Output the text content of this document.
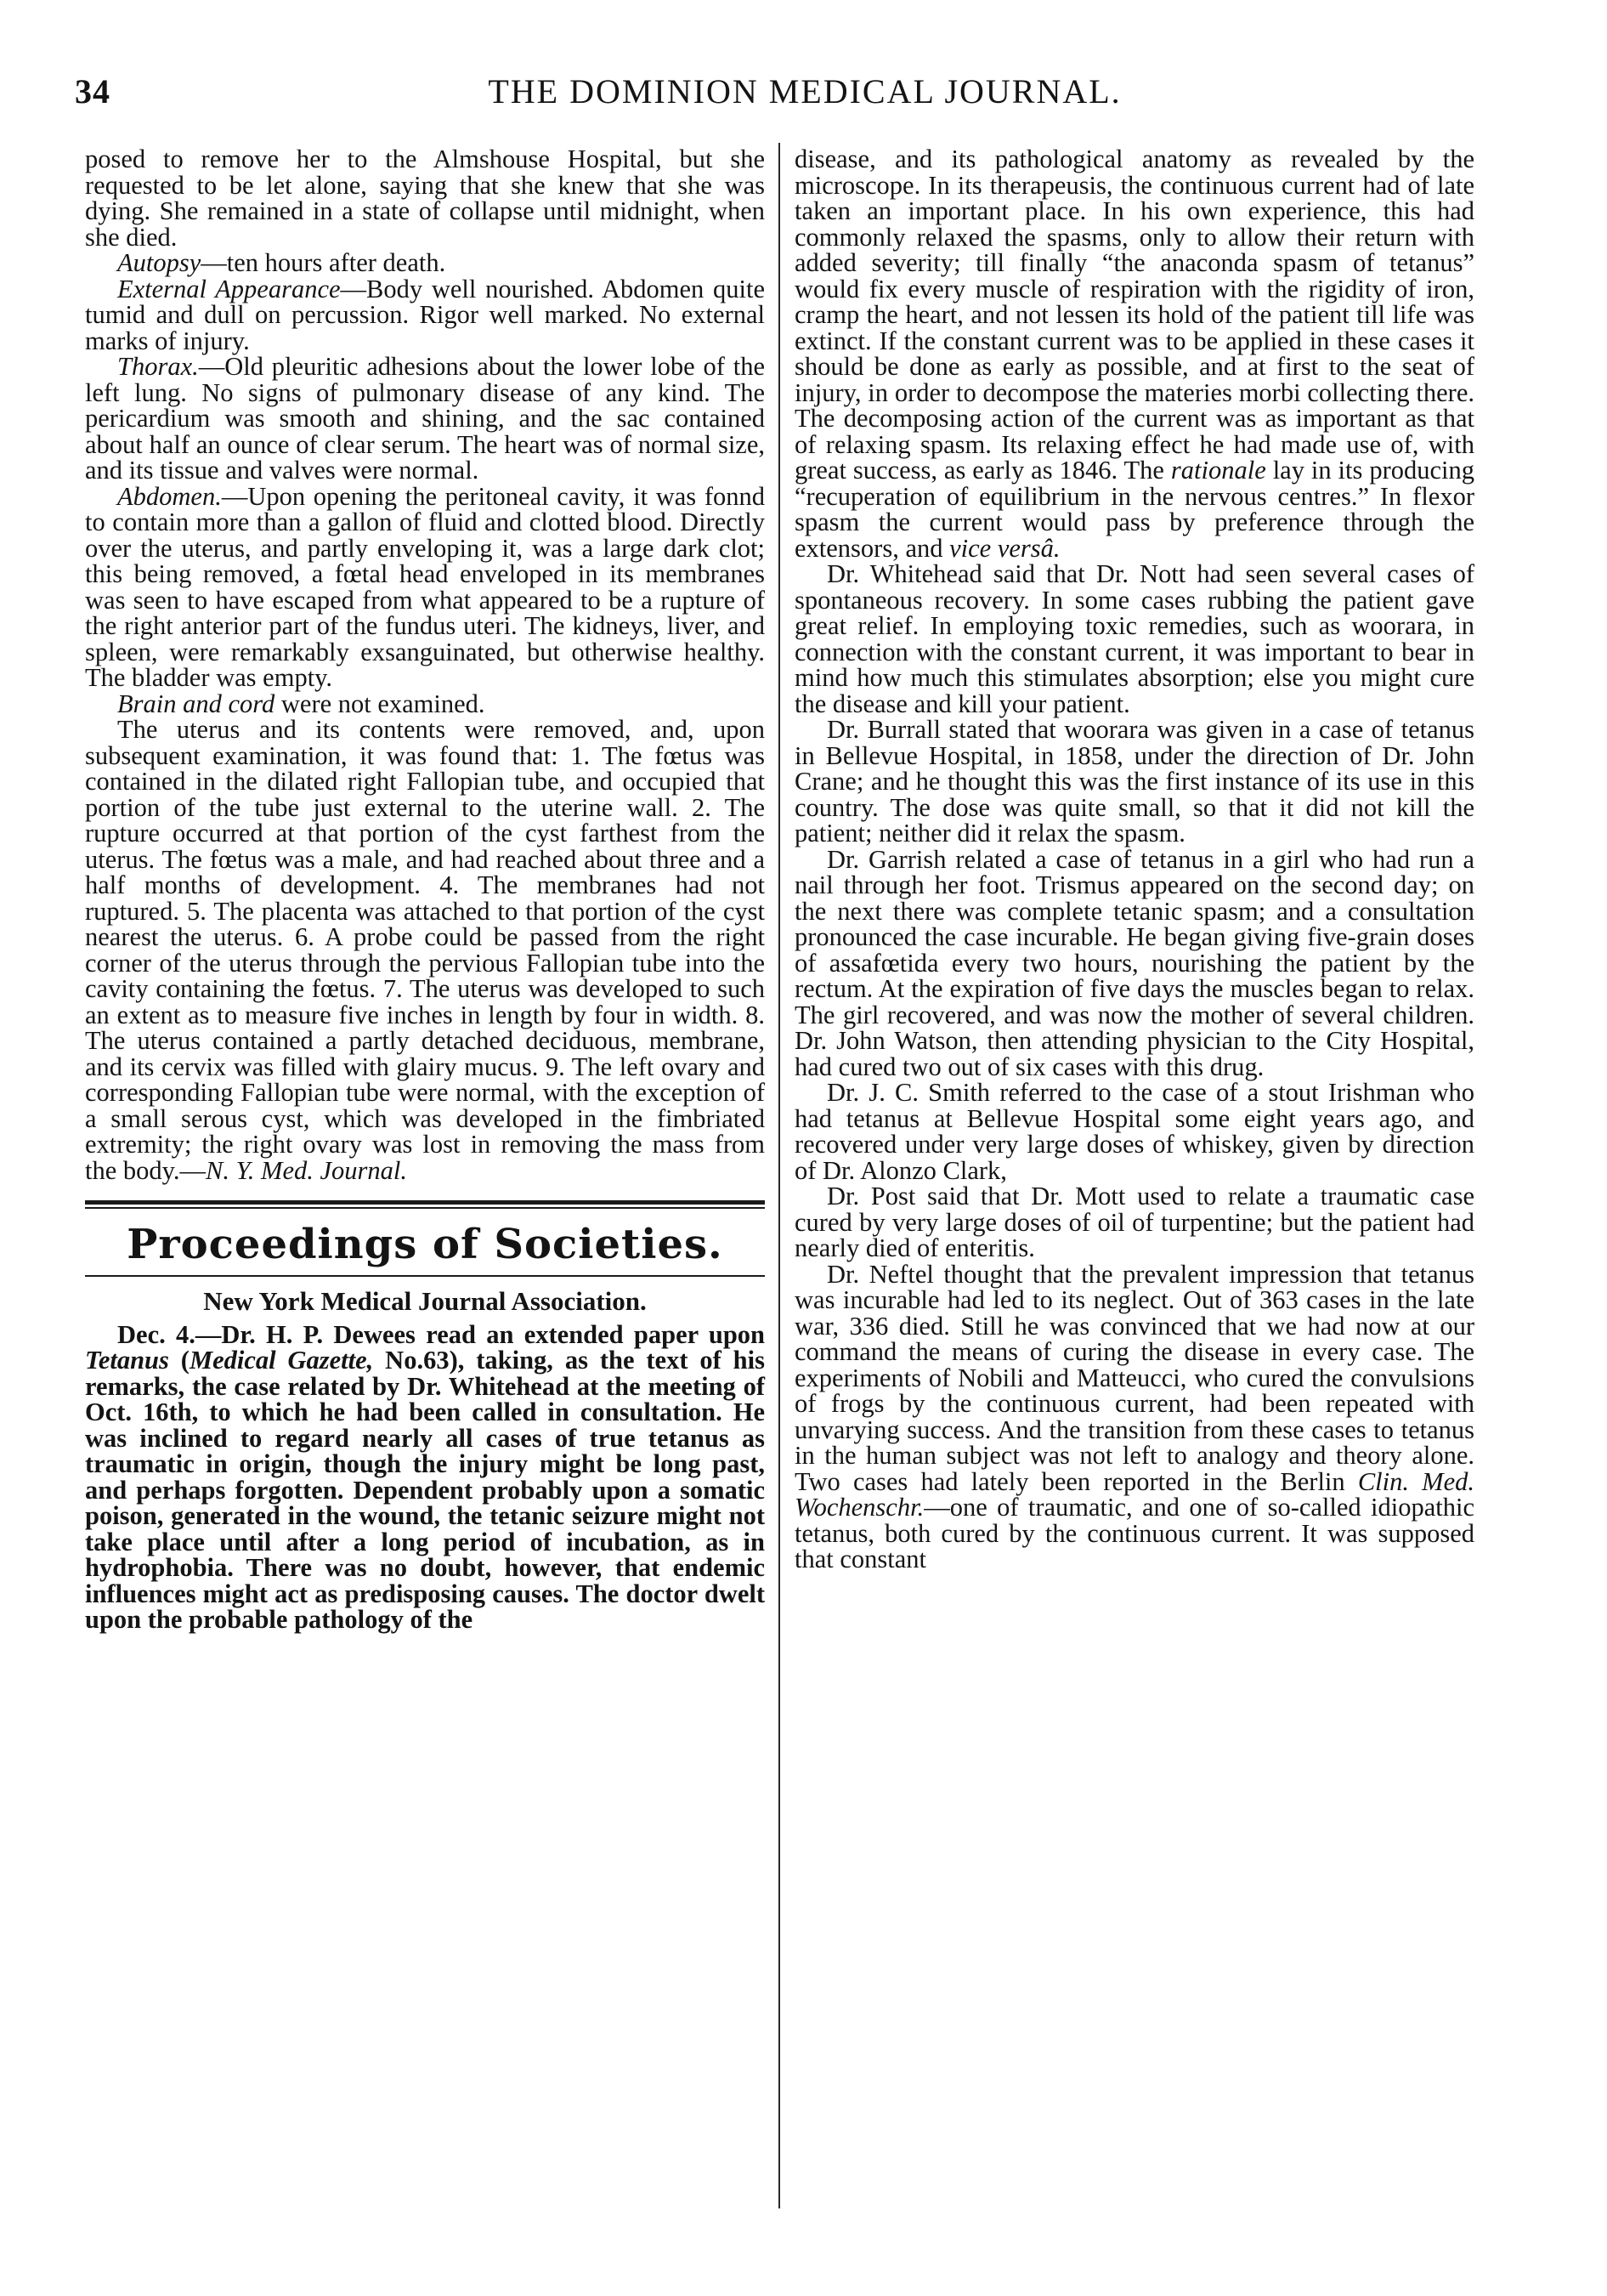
34	THE DOMINION MEDICAL JOURNAL.

posed to remove her to the Almshouse Hospital, but she requested to be let alone, saying that she knew that she was dying. She remained in a state of collapse until midnight, when she died.

Autopsy—ten hours after death.

External Appearance—Body well nourished. Abdomen quite tumid and dull on percussion. Rigor well marked. No external marks of injury.

Thorax.—Old pleuritic adhesions about the lower lobe of the left lung. No signs of pulmonary disease of any kind. The pericardium was smooth and shining, and the sac contained about half an ounce of clear serum. The heart was of normal size, and its tissue and valves were normal.

Abdomen.—Upon opening the peritoneal cavity, it was fonnd to contain more than a gallon of fluid and clotted blood. Directly over the uterus, and partly enveloping it, was a large dark clot; this being removed, a fœtal head enveloped in its membranes was seen to have escaped from what appeared to be a rupture of the right anterior part of the fundus uteri. The kidneys, liver, and spleen, were remarkably exsanguinated, but otherwise healthy. The bladder was empty.

Brain and cord were not examined.

The uterus and its contents were removed, and, upon subsequent examination, it was found that: 1. The fœtus was contained in the dilated right Fallopian tube, and occupied that portion of the tube just external to the uterine wall. 2. The rupture occurred at that portion of the cyst farthest from the uterus. The fœtus was a male, and had reached about three and a half months of development. 4. The membranes had not ruptured. 5. The placenta was attached to that portion of the cyst nearest the uterus. 6. A probe could be passed from the right corner of the uterus through the pervious Fallopian tube into the cavity containing the fœtus. 7. The uterus was developed to such an extent as to measure five inches in length by four in width. 8. The uterus contained a partly detached deciduous, membrane, and its cervix was filled with glairy mucus. 9. The left ovary and corresponding Fallopian tube were normal, with the exception of a small serous cyst, which was developed in the fimbriated extremity; the right ovary was lost in removing the mass from the body.—N. Y. Med. Journal.

Proceedings of Societies.
New York Medical Journal Association.

Dec. 4.—Dr. H. P. Dewees read an extended paper upon Tetanus (Medical Gazette, No.63), taking, as the text of his remarks, the case related by Dr. Whitehead at the meeting of Oct. 16th, to which he had been called in consultation. He was inclined to regard nearly all cases of true tetanus as traumatic in origin, though the injury might be long past, and perhaps forgotten. Dependent probably upon a somatic poison, generated in the wound, the tetanic seizure might not take place until after a long period of incubation, as in hydrophobia. There was no doubt, however, that endemic influences might act as predisposing causes. The doctor dwelt upon the probable pathology of the

disease, and its pathological anatomy as revealed by the microscope. In its therapeusis, the continuous current had of late taken an important place. In his own experience, this had commonly relaxed the spasms, only to allow their return with added severity; till finally “the anaconda spasm of tetanus” would fix every muscle of respiration with the rigidity of iron, cramp the heart, and not lessen its hold of the patient till life was extinct. If the constant current was to be applied in these cases it should be done as early as possible, and at first to the seat of injury, in order to decompose the materies morbi collecting there. The decomposing action of the current was as important as that of relaxing spasm. Its relaxing effect he had made use of, with great success, as early as 1846. The rationale lay in its producing “recuperation of equilibrium in the nervous centres.” In flexor spasm the current would pass by preference through the extensors, and vice versâ.

Dr. Whitehead said that Dr. Nott had seen several cases of spontaneous recovery. In some cases rubbing the patient gave great relief. In employing toxic remedies, such as woorara, in connection with the constant current, it was important to bear in mind how much this stimulates absorption; else you might cure the disease and kill your patient.

Dr. Burrall stated that woorara was given in a case of tetanus in Bellevue Hospital, in 1858, under the direction of Dr. John Crane; and he thought this was the first instance of its use in this country. The dose was quite small, so that it did not kill the patient; neither did it relax the spasm.

Dr. Garrish related a case of tetanus in a girl who had run a nail through her foot. Trismus appeared on the second day; on the next there was complete tetanic spasm; and a consultation pronounced the case incurable. He began giving five-grain doses of assafœtida every two hours, nourishing the patient by the rectum. At the expiration of five days the muscles began to relax. The girl recovered, and was now the mother of several children. Dr. John Watson, then attending physician to the City Hospital, had cured two out of six cases with this drug.

Dr. J. C. Smith referred to the case of a stout Irishman who had tetanus at Bellevue Hospital some eight years ago, and recovered under very large doses of whiskey, given by direction of Dr. Alonzo Clark,

Dr. Post said that Dr. Mott used to relate a traumatic case cured by very large doses of oil of turpentine; but the patient had nearly died of enteritis.

Dr. Neftel thought that the prevalent impression that tetanus was incurable had led to its neglect. Out of 363 cases in the late war, 336 died. Still he was convinced that we had now at our command the means of curing the disease in every case. The experiments of Nobili and Matteucci, who cured the convulsions of frogs by the continuous current, had been repeated with unvarying success. And the transition from these cases to tetanus in the human subject was not left to analogy and theory alone. Two cases had lately been reported in the Berlin Clin. Med. Wochenschr.—one of traumatic, and one of so-called idiopathic tetanus, both cured by the continuous current. It was supposed that constant
